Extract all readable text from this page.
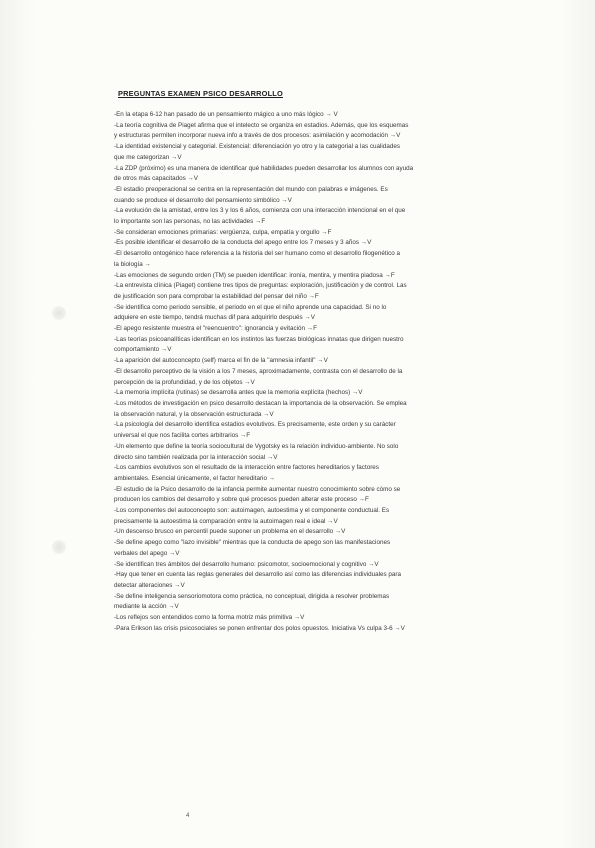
PREGUNTAS EXAMEN PSICO DESARROLLO
-En la etapa 6-12 han pasado de un pensamiento mágico a uno más lógico → V
-La teoría cognitiva de Piaget afirma que el intelecto se organiza en estadios. Además, que los esquemas
y estructuras permiten incorporar nueva info a través de dos procesos: asimilación y acomodación →V
-La identidad existencial y categorial. Existencial: diferenciación yo otro y la categorial a las cualidades
que me categorizan →V
-La ZDP (próximo) es una manera de identificar qué habilidades pueden desarrollar los alumnos con ayuda
de otros más capacitados →V
-El estadio preoperacional se centra en la representación del mundo con palabras e imágenes. Es
cuando se produce el desarrollo del pensamiento simbólico →V
-La evolución de la amistad, entre los 3 y los 6 años, comienza con una interacción intencional en el que
lo importante son las personas, no las actividades →F
-Se consideran emociones primarias: vergüenza, culpa, empatía y orgullo →F
-Es posible identificar el desarrollo de la conducta del apego entre los 7 meses y 3 años →V
-El desarrollo ontogénico hace referencia a la historia del ser humano como el desarrollo filogenético a
la biología →
-Las emociones de segundo orden (TM) se pueden identificar: ironía, mentira, y mentira piadosa →F
-La entrevista clínica (Piaget) contiene tres tipos de preguntas: exploración, justificación y de control. Las
de justificación son para comprobar la estabilidad del pensar del niño →F
-Se identifica como periodo sensible, el periodo en el que el niño aprende una capacidad. Si no lo
adquiere en este tiempo, tendrá muchas dif para adquirirlo después →V
-El apego resistente muestra el "reencuentro": ignorancia y evitación →F
-Las teorías psicoanalíticas identifican en los instintos las fuerzas biológicas innatas que dirigen nuestro
comportamiento →V
-La aparición del autoconcepto (self) marca el fin de la "amnesia infantil" →V
-El desarrollo perceptivo de la visión a los 7 meses, aproximadamente, contrasta con el desarrollo de la
percepción de la profundidad, y de los objetos →V
-La memoria implícita (rutinas) se desarrolla antes que la memoria explícita (hechos) →V
-Los métodos de investigación en psico desarrollo destacan la importancia de la observación. Se emplea
la observación natural, y la observación estructurada →V
-La psicología del desarrollo identifica estadios evolutivos. Es precisamente, este orden y su carácter
universal el que nos facilita cortes arbitrarios →F
-Un elemento que define la teoría sociocultural de Vygotsky es la relación individuo-ambiente. No solo
directo sino también realizada por la interacción social →V
-Los cambios evolutivos son el resultado de la interacción entre factores hereditarios y factores
ambientales. Esencial únicamente, el factor hereditario →
-El estudio de la Psico desarrollo de la infancia permite aumentar nuestro conocimiento sobre cómo se
producen los cambios del desarrollo y sobre qué procesos pueden alterar este proceso →F
-Los componentes del autoconcepto son: autoimagen, autoestima y el componente conductual. Es
precisamente la autoestima la comparación entre la autoimagen real e ideal →V
-Un descenso brusco en percentil puede suponer un problema en el desarrollo →V
-Se define apego como "lazo invisible" mientras que la conducta de apego son las manifestaciones
verbales del apego →V
-Se identifican tres ámbitos del desarrollo humano: psicomotor, socioemocional y cognitivo →V
-Hay que tener en cuenta las reglas generales del desarrollo así como las diferencias individuales para
detectar alteraciones →V
-Se define inteligencia sensoriomotora como práctica, no conceptual, dirigida a resolver problemas
mediante la acción →V
-Los reflejos son entendidos como la forma motriz más primitiva →V
-Para Erikson las crisis psicosociales se ponen enfrentar dos polos opuestos. Iniciativa Vs culpa 3-6 →V
4
